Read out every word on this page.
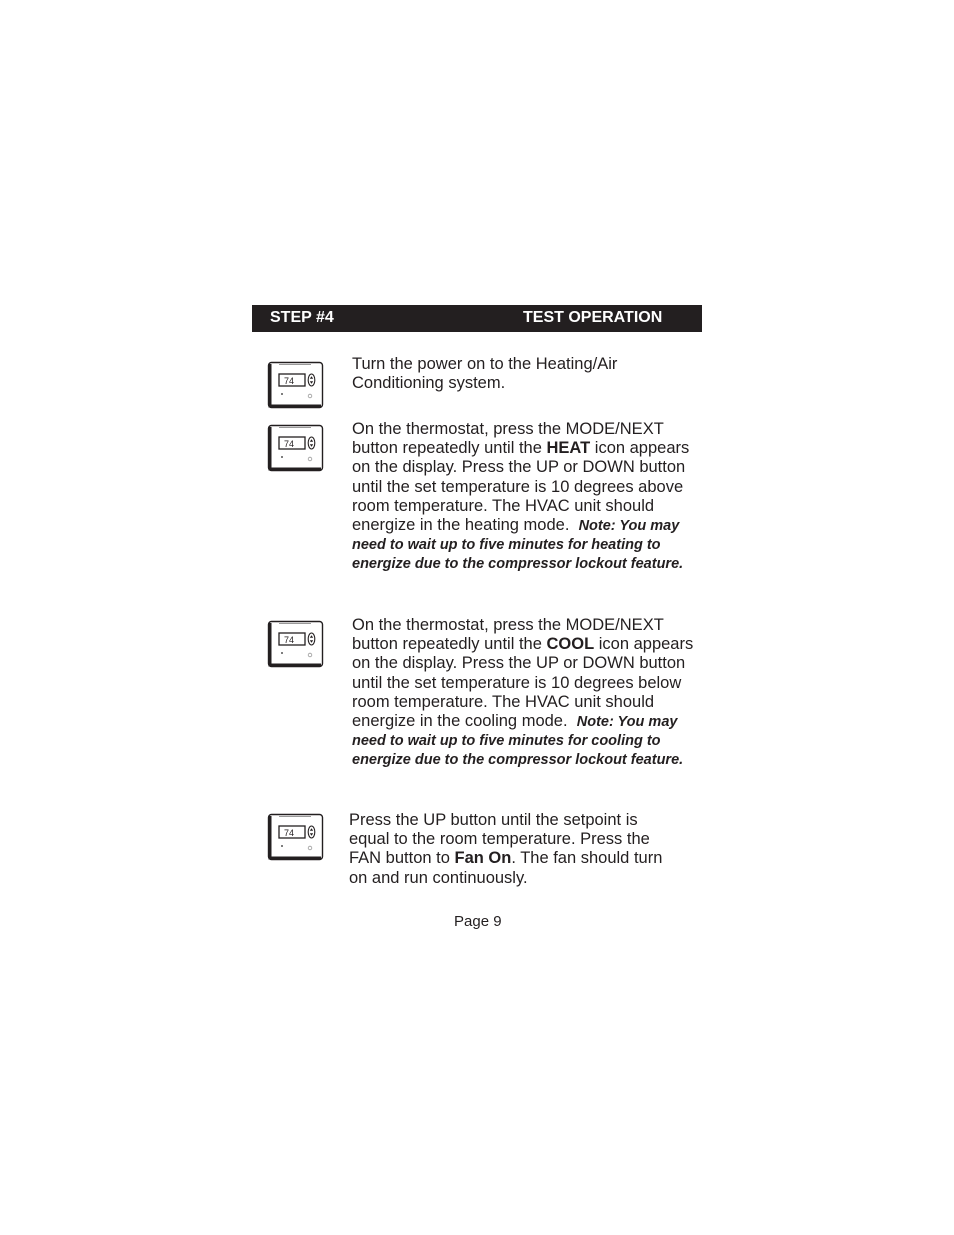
STEP #4	TEST OPERATION
74
74
74
74

Turn the power on to the Heating/Air Conditioning system.

On the thermostat, press the MODE/NEXT button repeatedly until the HEAT icon appears on the display. Press the UP or DOWN button until the set temperature is 10 degrees above room temperature. The HVAC unit should energize in the heating mode. Note: You may need to wait up to five minutes for heating to energize due to the compressor lockout feature.

On the thermostat, press the MODE/NEXT button repeatedly until the COOL icon appears on the display. Press the UP or DOWN button until the set temperature is 10 degrees below room temperature. The HVAC unit should energize in the cooling mode. Note: You may need to wait up to five minutes for cooling to energize due to the compressor lockout feature.

Press the UP button until the setpoint is equal to the room temperature. Press the FAN button to Fan On. The fan should turn on and run continuously.

Page 9
